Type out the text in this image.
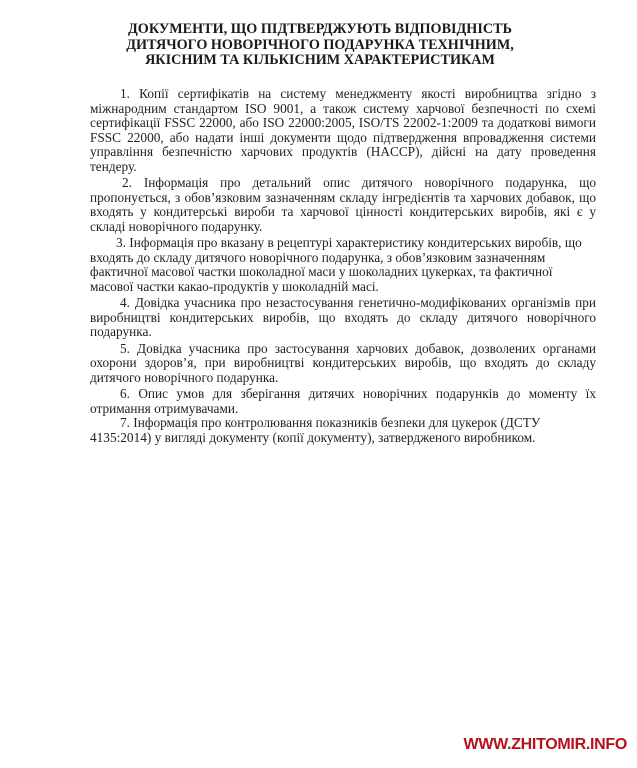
ДОКУМЕНТИ, ЩО ПІДТВЕРДЖУЮТЬ ВІДПОВІДНІСТЬ ДИТЯЧОГО НОВОРІЧНОГО ПОДАРУНКА ТЕХНІЧНИМ, ЯКІСНИМ ТА КІЛЬКІСНИМ ХАРАКТЕРИСТИКАМ

1. Копії сертифікатів на систему менеджменту якості виробництва згідно з міжнародним стандартом ISO 9001, а також систему харчової безпечності по схемі сертифікації FSSC 22000, або ISO 22000:2005, ISO/TS 22002-1:2009 та додаткові вимоги FSSC 22000, або надати інші документи щодо підтвердження впровадження системи управління безпечністю харчових продуктів (HACCP), дійсні на дату проведення тендеру.

2. Інформація про детальний опис дитячого новорічного подарунка, що пропонується, з обов’язковим зазначенням складу інгредієнтів та харчових добавок, що входять у кондитерські вироби та харчової цінності кондитерських виробів, які є у складі новорічного подарунку.

3. Інформація про вказану в рецептурі характеристику кондитерських виробів, що входять до складу дитячого новорічного подарунка, з обов’язковим зазначенням фактичної масової частки шоколадної маси у шоколадних цукерках, та фактичної масової частки какао-продуктів у шоколадній масі.

4. Довідка учасника про незастосування генетично-модифікованих організмів при виробництві кондитерських виробів, що входять до складу дитячого новорічного подарунка.

5. Довідка учасника про застосування харчових добавок, дозволених органами охорони здоров’я, при виробництві кондитерських виробів, що входять до складу дитячого новорічного подарунка.

6. Опис умов для зберігання дитячих новорічних подарунків до моменту їх отримання отримувачами.

7. Інформація про контролювання показників безпеки для цукерок (ДСТУ 4135:2014) у вигляді документу (копії документу), затвердженого виробником.

WWW.ZHITOMIR.INFO
